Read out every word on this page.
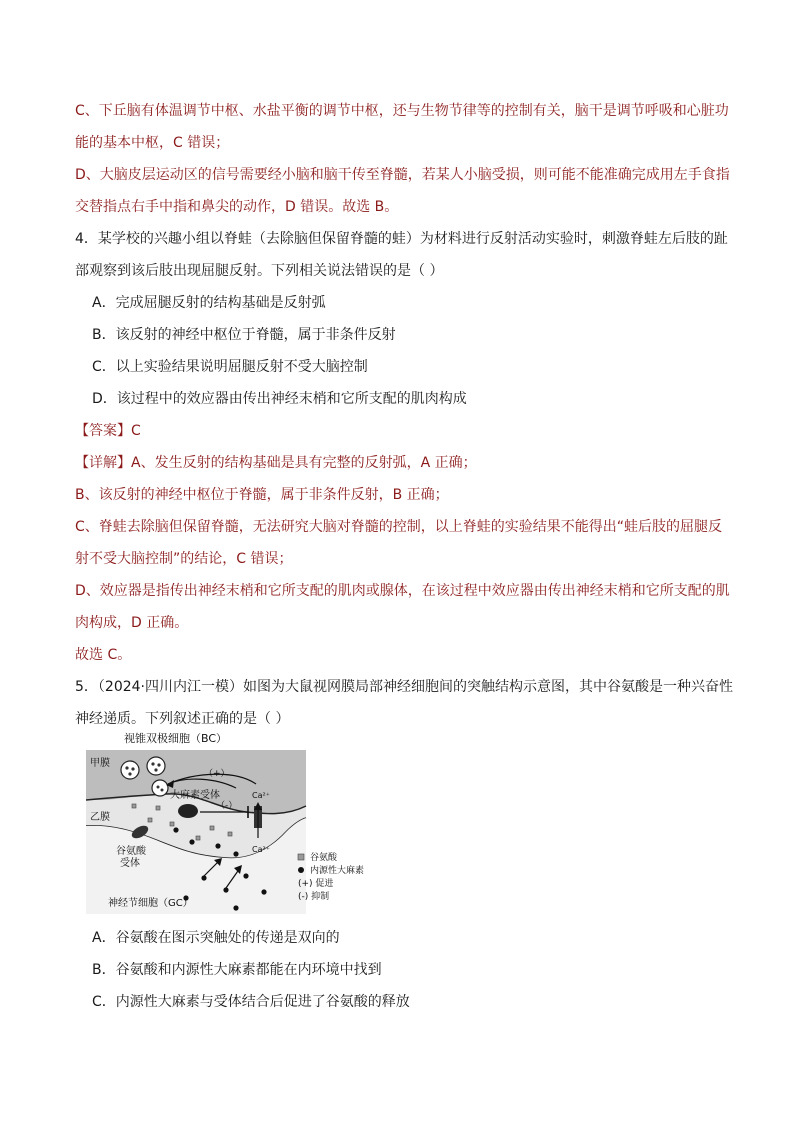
C、下丘脑有体温调节中枢、水盐平衡的调节中枢，还与生物节律等的控制有关，脑干是调节呼吸和心脏功
能的基本中枢，C 错误；
D、大脑皮层运动区的信号需要经小脑和脑干传至脊髓，若某人小脑受损，则可能不能准确完成用左手食指
交替指点右手中指和鼻尖的动作，D 错误。故选 B。
4．某学校的兴趣小组以脊蛙（去除脑但保留脊髓的蛙）为材料进行反射活动实验时，刺激脊蛙左后肢的趾
部观察到该后肢出现屈腿反射。下列相关说法错误的是（ ）
A．完成屈腿反射的结构基础是反射弧
B．该反射的神经中枢位于脊髓，属于非条件反射
C．以上实验结果说明屈腿反射不受大脑控制
D．该过程中的效应器由传出神经末梢和它所支配的肌肉构成
【答案】C
【详解】A、发生反射的结构基础是具有完整的反射弧，A 正确；
B、该反射的神经中枢位于脊髓，属于非条件反射，B 正确；
C、脊蛙去除脑但保留脊髓，无法研究大脑对脊髓的控制，以上脊蛙的实验结果不能得出“蛙后肢的屈腿反
射不受大脑控制”的结论，C 错误；
D、效应器是指传出神经末梢和它所支配的肌肉或腺体，在该过程中效应器由传出神经末梢和它所支配的肌
肉构成，D 正确。
故选 C。
5．（2024·四川内江一模）如图为大鼠视网膜局部神经细胞间的突触结构示意图，其中谷氨酸是一种兴奋性
神经递质。下列叙述正确的是（ ）
视锥双极细胞（BC）
甲膜
乙膜
（+）
大麻素受体
（-）
Ca²⁺
Ca²⁺
谷氨酸
受体
神经节细胞（GC）
谷氨酸
内源性大麻素
(+) 促进
(-) 抑制
A．谷氨酸在图示突触处的传递是双向的
B．谷氨酸和内源性大麻素都能在内环境中找到
C．内源性大麻素与受体结合后促进了谷氨酸的释放
